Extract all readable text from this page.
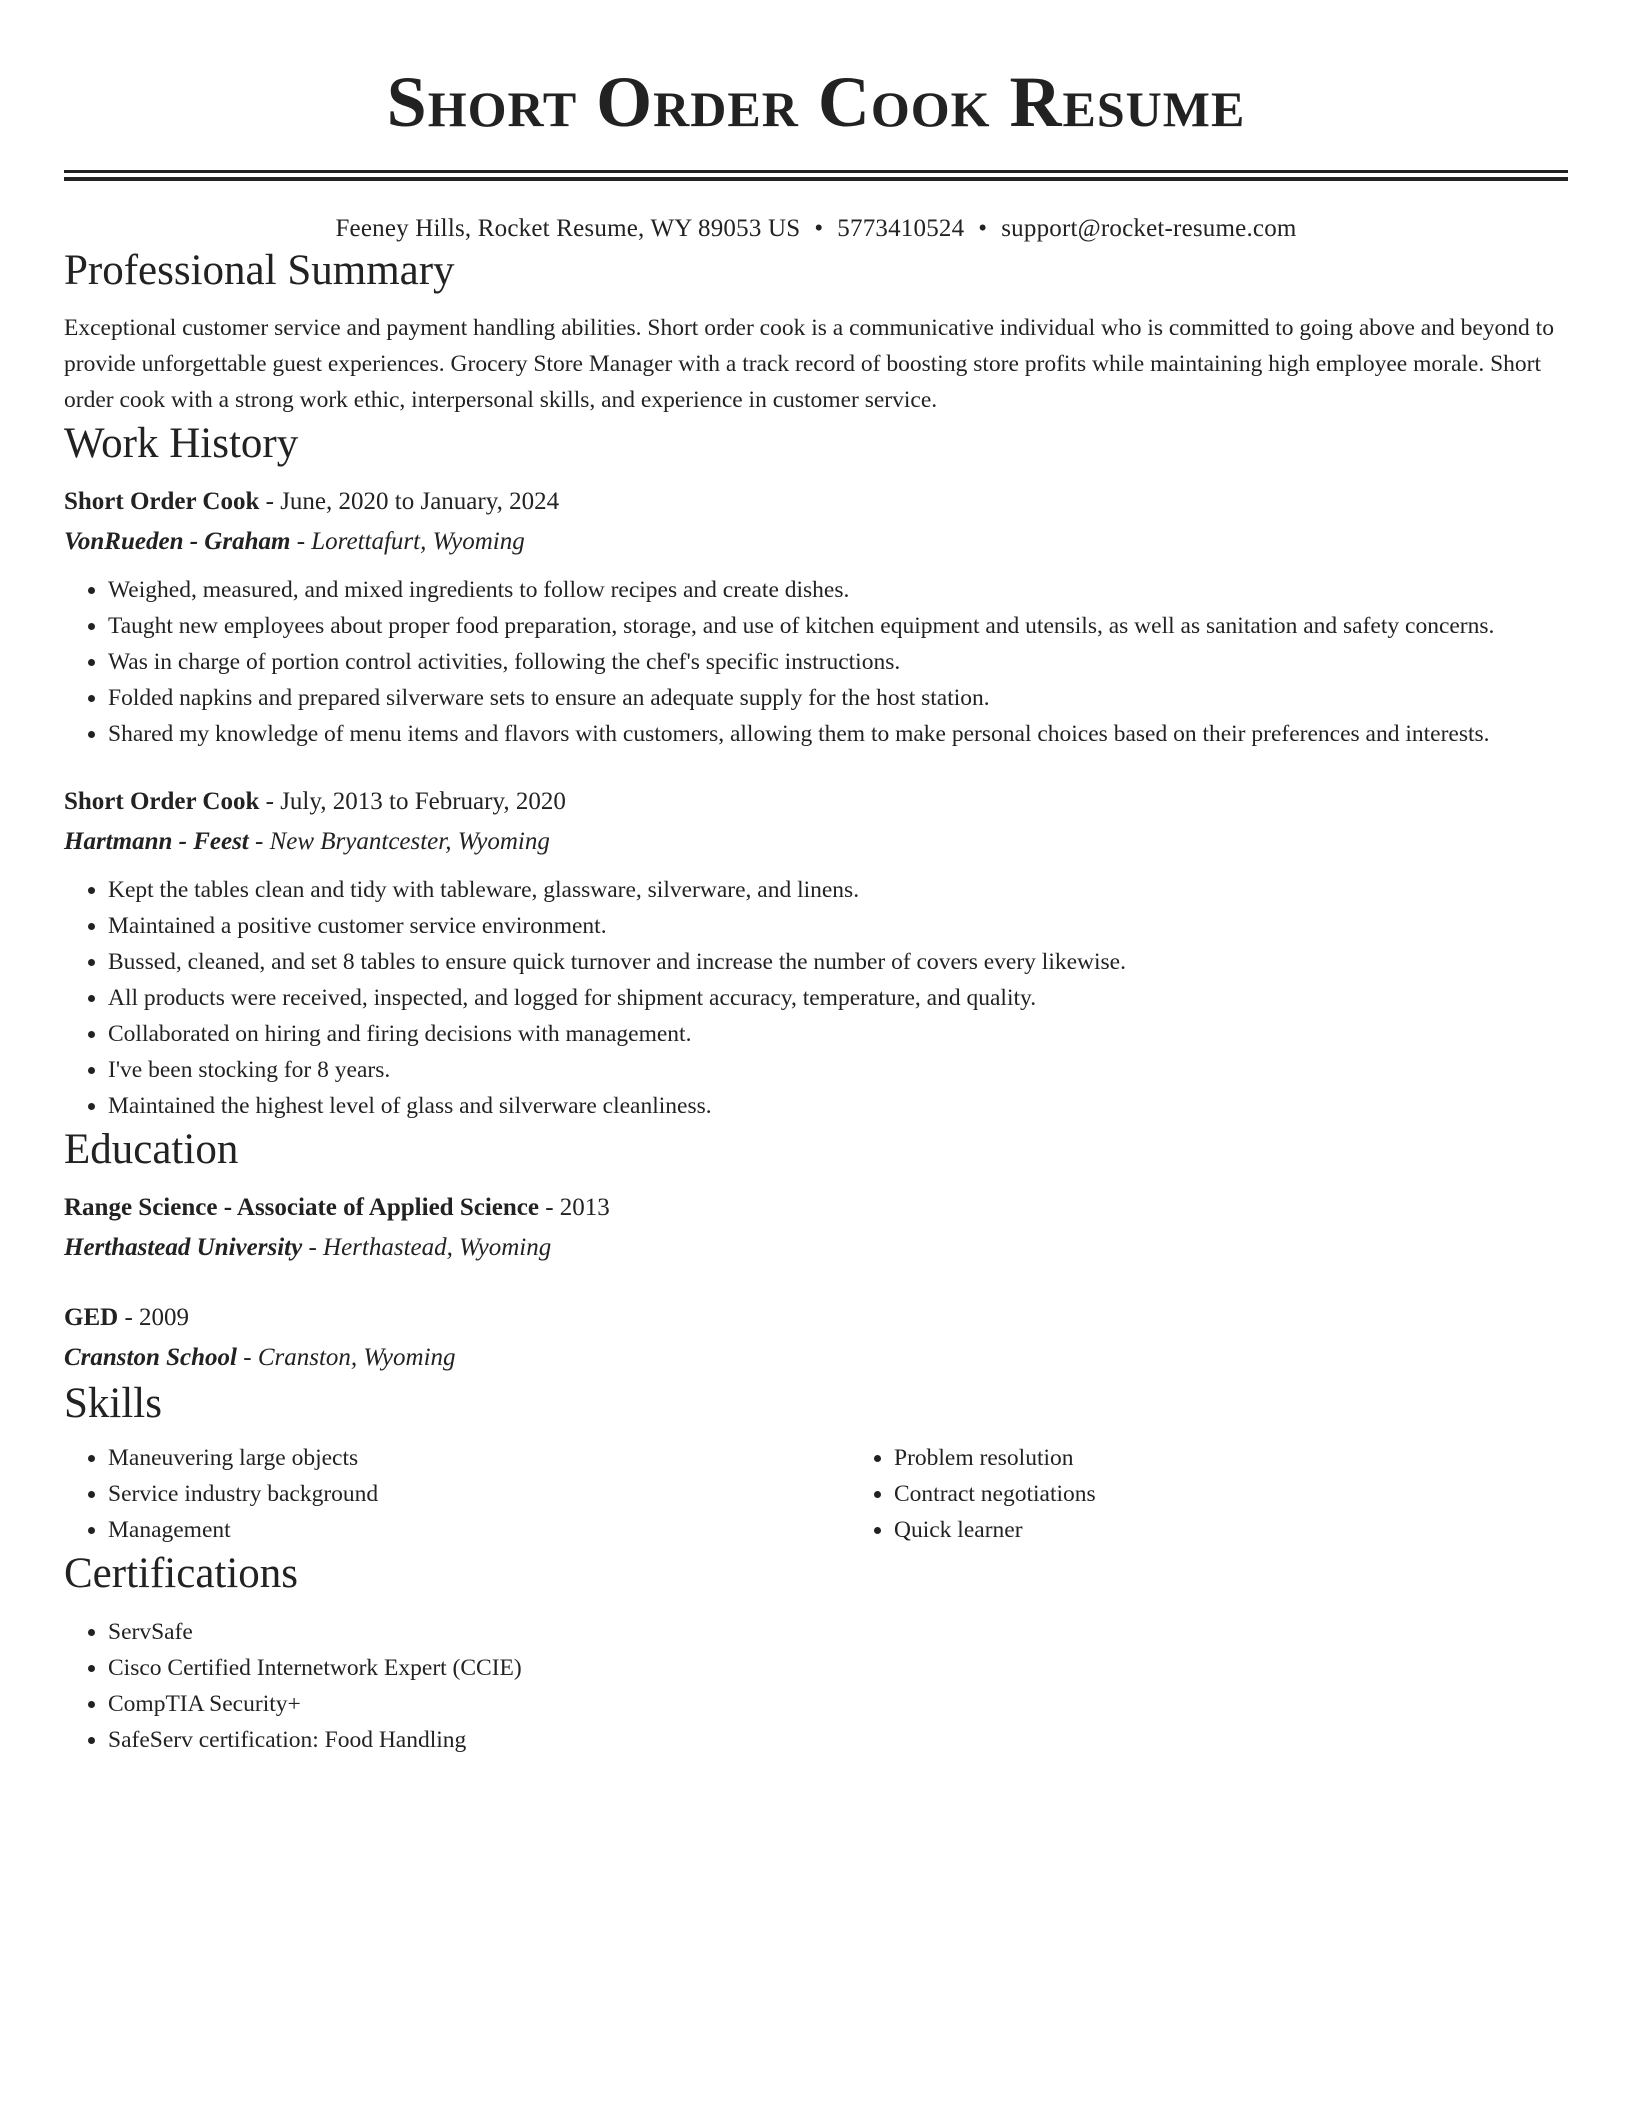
Short Order Cook Resume
Feeney Hills, Rocket Resume, WY 89053 US • 5773410524 • support@rocket-resume.com
Professional Summary

Exceptional customer service and payment handling abilities. Short order cook is a communicative individual who is committed to going above and beyond to provide unforgettable guest experiences. Grocery Store Manager with a track record of boosting store profits while maintaining high employee morale. Short order cook with a strong work ethic, interpersonal skills, and experience in customer service.

Work History
Short Order Cook - June, 2020 to January, 2024
VonRueden - Graham - Lorettafurt, Wyoming
• Weighed, measured, and mixed ingredients to follow recipes and create dishes.
• Taught new employees about proper food preparation, storage, and use of kitchen equipment and utensils, as well as sanitation and safety concerns.
• Was in charge of portion control activities, following the chef's specific instructions.
• Folded napkins and prepared silverware sets to ensure an adequate supply for the host station.
• Shared my knowledge of menu items and flavors with customers, allowing them to make personal choices based on their preferences and interests.
Short Order Cook - July, 2013 to February, 2020
Hartmann - Feest - New Bryantcester, Wyoming
• Kept the tables clean and tidy with tableware, glassware, silverware, and linens.
• Maintained a positive customer service environment.
• Bussed, cleaned, and set 8 tables to ensure quick turnover and increase the number of covers every likewise.
• All products were received, inspected, and logged for shipment accuracy, temperature, and quality.
• Collaborated on hiring and firing decisions with management.
• I've been stocking for 8 years.
• Maintained the highest level of glass and silverware cleanliness.
Education
Range Science - Associate of Applied Science - 2013
Herthastead University - Herthastead, Wyoming
GED - 2009
Cranston School - Cranston, Wyoming
Skills
• Maneuvering large objects
• Service industry background
• Management
• Problem resolution
• Contract negotiations
• Quick learner
Certifications
• ServSafe
• Cisco Certified Internetwork Expert (CCIE)
• CompTIA Security+
• SafeServ certification: Food Handling
